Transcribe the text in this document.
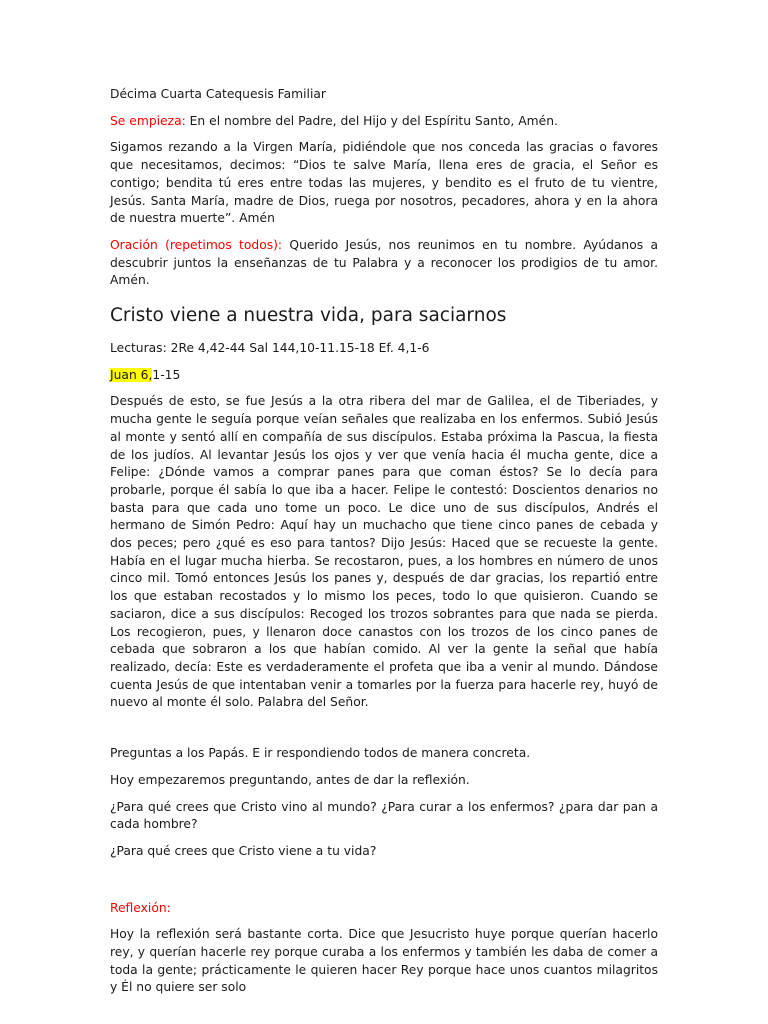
Décima Cuarta Catequesis Familiar

Se empieza: En el nombre del Padre, del Hijo y del Espíritu Santo, Amén.

Sigamos rezando a la Virgen María, pidiéndole que nos conceda las gracias o favores que necesitamos, decimos: “Dios te salve María, llena eres de gracia, el Señor es contigo; bendita tú eres entre todas las mujeres, y bendito es el fruto de tu vientre, Jesús. Santa María, madre de Dios, ruega por nosotros, pecadores, ahora y en la ahora de nuestra muerte”. Amén

Oración (repetimos todos): Querido Jesús, nos reunimos en tu nombre. Ayúdanos a descubrir juntos la enseñanzas de tu Palabra y a reconocer los prodigios de tu amor. Amén.

Cristo viene a nuestra vida, para saciarnos

Lecturas: 2Re 4,42-44 Sal 144,10-11.15-18 Ef. 4,1-6

Juan 6,1-15

Después de esto, se fue Jesús a la otra ribera del mar de Galilea, el de Tiberiades, y mucha gente le seguía porque veían señales que realizaba en los enfermos. Subió Jesús al monte y sentó allí en compañía de sus discípulos. Estaba próxima la Pascua, la fiesta de los judíos. Al levantar Jesús los ojos y ver que venía hacia él mucha gente, dice a Felipe: ¿Dónde vamos a comprar panes para que coman éstos? Se lo decía para probarle, porque él sabía lo que iba a hacer. Felipe le contestó: Doscientos denarios no basta para que cada uno tome un poco. Le dice uno de sus discípulos, Andrés el hermano de Simón Pedro: Aquí hay un muchacho que tiene cinco panes de cebada y dos peces; pero ¿qué es eso para tantos? Dijo Jesús: Haced que se recueste la gente. Había en el lugar mucha hierba. Se recostaron, pues, a los hombres en número de unos cinco mil. Tomó entonces Jesús los panes y, después de dar gracias, los repartió entre los que estaban recostados y lo mismo los peces, todo lo que quisieron. Cuando se saciaron, dice a sus discípulos: Recoged los trozos sobrantes para que nada se pierda. Los recogieron, pues, y llenaron doce canastos con los trozos de los cinco panes de cebada que sobraron a los que habían comido. Al ver la gente la señal que había realizado, decía: Este es verdaderamente el profeta que iba a venir al mundo. Dándose cuenta Jesús de que intentaban venir a tomarles por la fuerza para hacerle rey, huyó de nuevo al monte él solo. Palabra del Señor.

Preguntas a los Papás. E ir respondiendo todos de manera concreta.

Hoy empezaremos preguntando, antes de dar la reflexión.

¿Para qué crees que Cristo vino al mundo? ¿Para curar a los enfermos? ¿para dar pan a cada hombre?

¿Para qué crees que Cristo viene a tu vida?

Reflexión:

Hoy la reflexión será bastante corta. Dice que Jesucristo huye porque querían hacerlo rey, y querían hacerle rey porque curaba a los enfermos y también les daba de comer a toda la gente; prácticamente le quieren hacer Rey porque hace unos cuantos milagritos y Él no quiere ser solo
